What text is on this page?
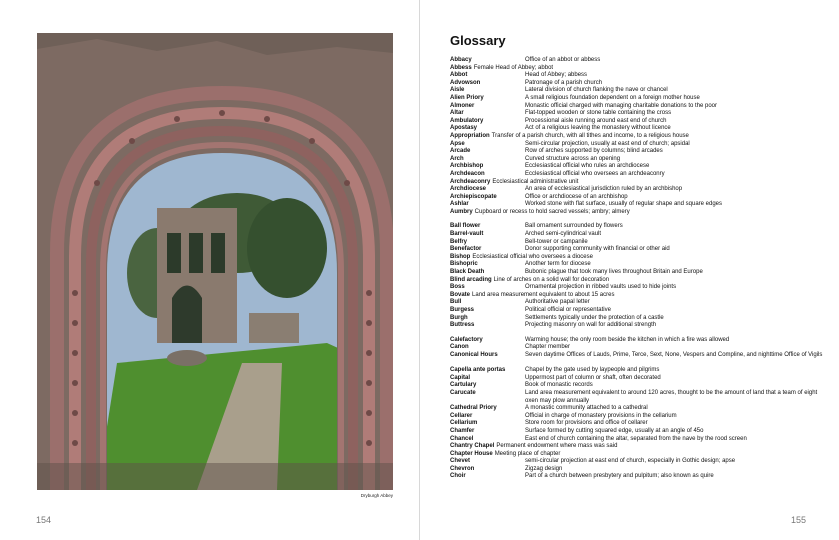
Dryburgh Abbey
154
Glossary
Abbacy	Office of an abbot or abbess
Abbess Female Head of Abbey; abbot
Abbot	Head of Abbey; abbess
Advowson	Patronage of a parish church
Aisle	Lateral division of church flanking the nave or chancel
Alien Priory	A small religious foundation dependent on a foreign mother house
Almoner	Monastic official charged with managing charitable donations to the poor
Altar	Flat-topped wooden or stone table containing the cross
Ambulatory	Processional aisle running around east end of church
Apostasy	Act of a religious leaving the monastery without licence
Appropriation Transfer of a parish church, with all tithes and income, to a religious house
Apse	Semi-circular projection, usually at east end of church; apsidal
Arcade	Row of arches supported by columns; blind arcades
Arch	Curved structure across an opening
Archbishop	Ecclesiastical official who rules an archdiocese
Archdeacon	Ecclesiastical official who oversees an archdeaconry
Archdeaconry Ecclesiastical administrative unit
Archdiocese	An area of ecclesiastical jurisdiction ruled by an archbishop
Archiepiscopate	Office or archdiocese of an archbishop
Ashlar	Worked stone with flat surface, usually of regular shape and square edges
Aumbry Cupboard or recess to hold sacred vessels; ambry; almery
Ball flower	Ball ornament surrounded by flowers
Barrel-vault	Arched semi-cylindrical vault
Belfry	Bell-tower or campanile
Benefactor	Donor supporting community with financial or other aid
Bishop Ecclesiastical official who oversees a diocese
Bishopric	Another term for diocese
Black Death	Bubonic plague that took many lives throughout Britain and Europe
Blind arcading Line of arches on a solid wall for decoration
Boss	Ornamental projection in ribbed vaults used to hide joints
Bovate Land area measurement equivalent to about 15 acres
Bull	Authoritative papal letter
Burgess	Political official or representative
Burgh	Settlements typically under the protection of a castle
Buttress	Projecting masonry on wall for additional strength
Calefactory	Warming house; the only room beside the kitchen in which a fire was allowed
Canon	Chapter member
Canonical Hours	Seven daytime Offices of Lauds, Prime, Terce, Sext, None, Vespers and Compline, and nighttime Office of Vigils
Capella ante portas	Chapel by the gate used by laypeople and pilgrims
Capital	Uppermost part of column or shaft, often decorated
Cartulary	Book of monastic records
Carucate	Land area measurement equivalent to around 120 acres, thought to be the amount of land that a team of eight oxen may plow annually
Cathedral Priory	A monastic community attached to a cathedral
Cellarer	Official in charge of monastery provisions in the cellarium
Cellarium	Store room for provisions and office of cellarer
Chamfer	Surface formed by cutting squared edge, usually at an angle of 45o
Chancel	East end of church containing the altar, separated from the nave by the rood screen
Chantry Chapel Permanent endowment where mass was said
Chapter House Meeting place of chapter
Chevet	semi-circular projection at east end of church, especially in Gothic design; apse
Chevron	Zigzag design
Choir	Part of a church between presbytery and pulpitum; also known as quire
155
